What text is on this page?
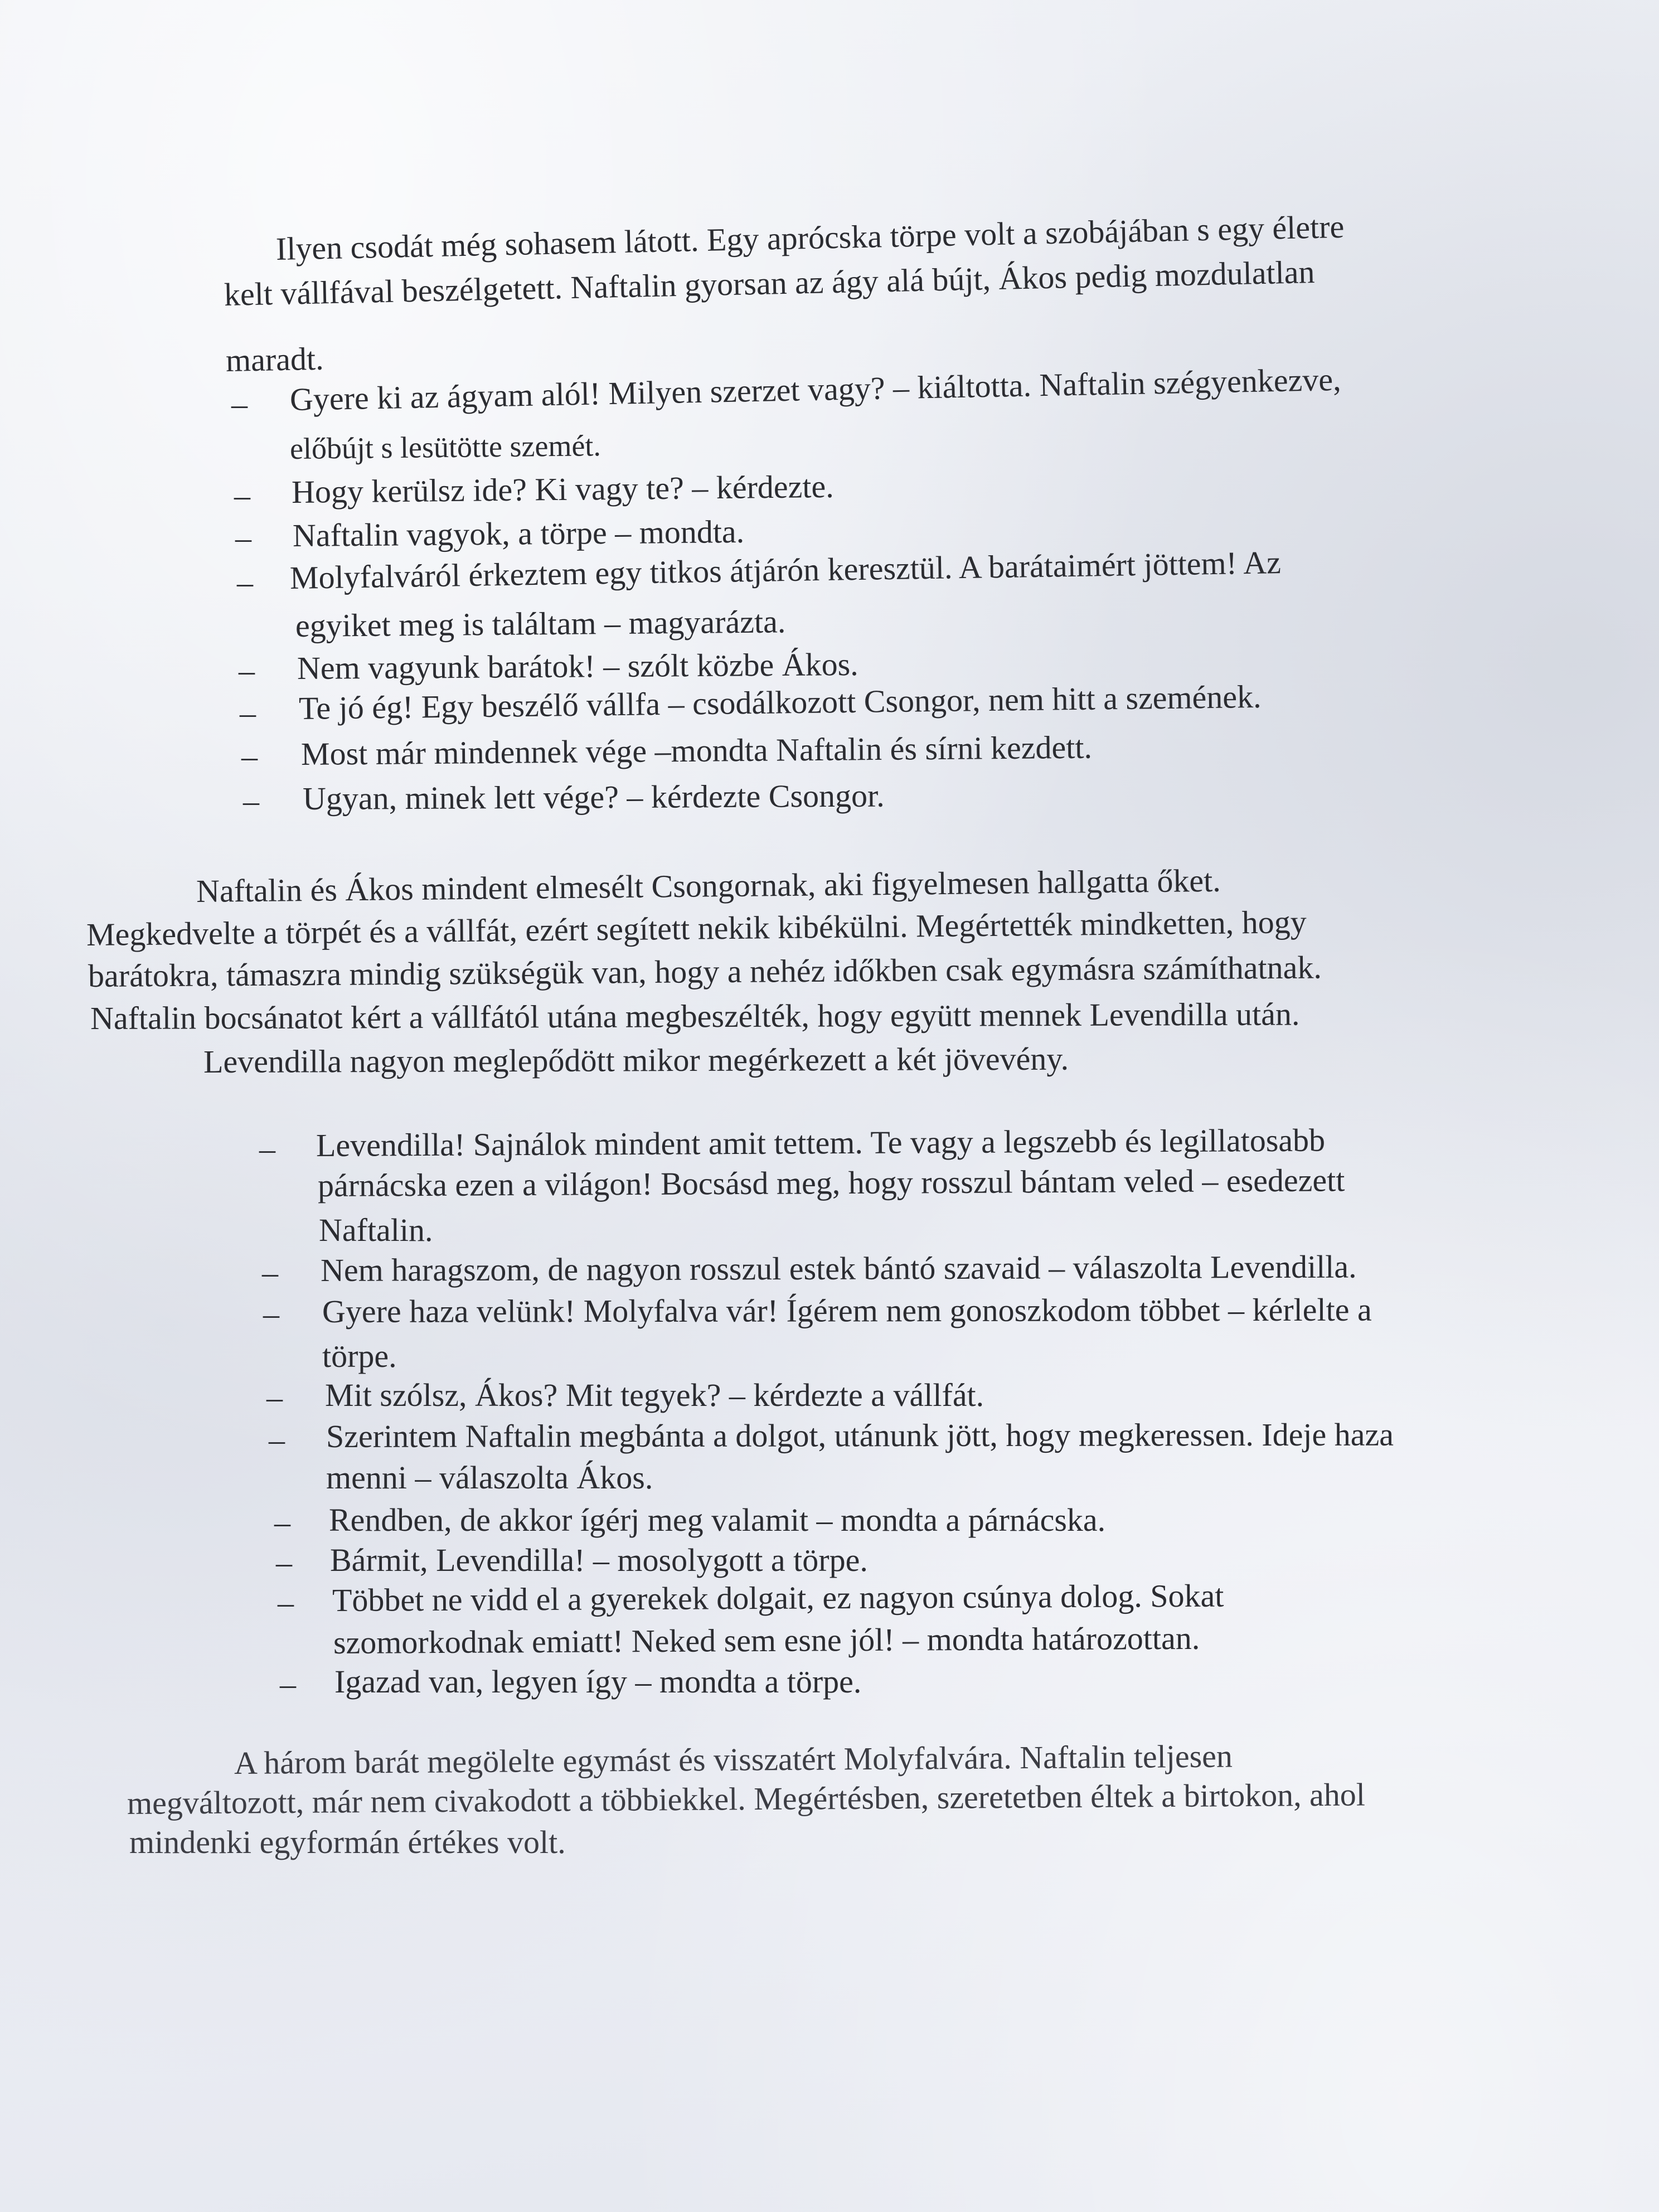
Ilyen csodát még sohasem látott. Egy aprócska törpe volt a szobájában s egy életre
kelt vállfával beszélgetett. Naftalin gyorsan az ágy alá bújt, Ákos pedig mozdulatlan
maradt.
– Gyere ki az ágyam alól! Milyen szerzet vagy? – kiáltotta. Naftalin szégyenkezve,
előbújt s lesütötte szemét.
– Hogy kerülsz ide? Ki vagy te? – kérdezte.
– Naftalin vagyok, a törpe – mondta.
– Molyfalváról érkeztem egy titkos átjárón keresztül. A barátaimért jöttem! Az
egyiket meg is találtam – magyarázta.
– Nem vagyunk barátok! – szólt közbe Ákos.
– Te jó ég! Egy beszélő vállfa – csodálkozott Csongor, nem hitt a szemének.
– Most már mindennek vége –mondta Naftalin és sírni kezdett.
– Ugyan, minek lett vége? – kérdezte Csongor.
Naftalin és Ákos mindent elmesélt Csongornak, aki figyelmesen hallgatta őket.
Megkedvelte a törpét és a vállfát, ezért segített nekik kibékülni. Megértették mindketten, hogy
barátokra, támaszra mindig szükségük van, hogy a nehéz időkben csak egymásra számíthatnak.
Naftalin bocsánatot kért a vállfától utána megbeszélték, hogy együtt mennek Levendilla után.
Levendilla nagyon meglepődött mikor megérkezett a két jövevény.
– Levendilla! Sajnálok mindent amit tettem. Te vagy a legszebb és legillatosabb
párnácska ezen a világon! Bocsásd meg, hogy rosszul bántam veled – esedezett
Naftalin.
– Nem haragszom, de nagyon rosszul estek bántó szavaid – válaszolta Levendilla.
– Gyere haza velünk! Molyfalva vár! Ígérem nem gonoszkodom többet – kérlelte a
törpe.
– Mit szólsz, Ákos? Mit tegyek? – kérdezte a vállfát.
– Szerintem Naftalin megbánta a dolgot, utánunk jött, hogy megkeressen. Ideje haza
menni – válaszolta Ákos.
– Rendben, de akkor ígérj meg valamit – mondta a párnácska.
– Bármit, Levendilla! – mosolygott a törpe.
– Többet ne vidd el a gyerekek dolgait, ez nagyon csúnya dolog. Sokat
szomorkodnak emiatt! Neked sem esne jól! – mondta határozottan.
– Igazad van, legyen így – mondta a törpe.
A három barát megölelte egymást és visszatért Molyfalvára. Naftalin teljesen
megváltozott, már nem civakodott a többiekkel. Megértésben, szeretetben éltek a birtokon, ahol
mindenki egyformán értékes volt.
